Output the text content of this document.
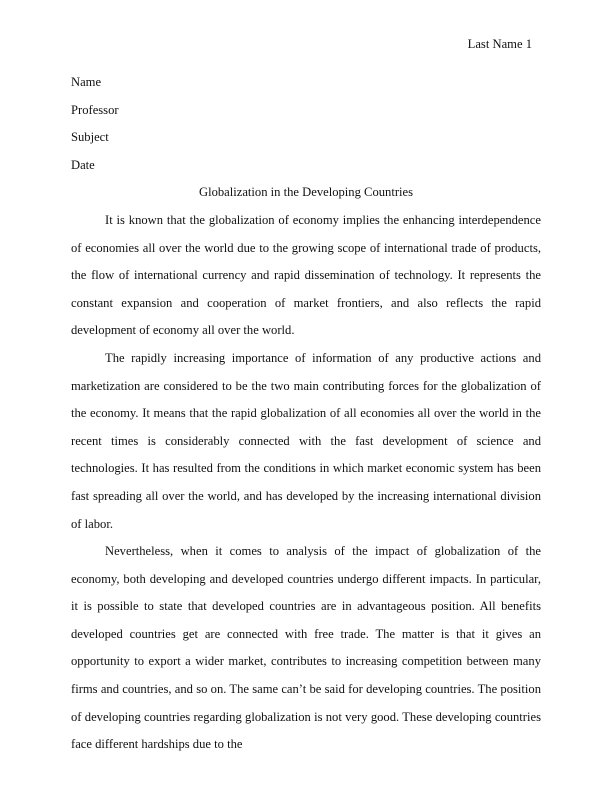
Last Name 1
Name
Professor
Subject
Date
Globalization in the Developing Countries

It is known that the globalization of economy implies the enhancing interdependence of economies all over the world due to the growing scope of international trade of products, the flow of international currency and rapid dissemination of technology. It represents the constant expansion and cooperation of market frontiers, and also reflects the rapid development of economy all over the world.

The rapidly increasing importance of information of any productive actions and marketization are considered to be the two main contributing forces for the globalization of the economy. It means that the rapid globalization of all economies all over the world in the recent times is considerably connected with the fast development of science and technologies. It has resulted from the conditions in which market economic system has been fast spreading all over the world, and has developed by the increasing international division of labor.

Nevertheless, when it comes to analysis of the impact of globalization of the economy, both developing and developed countries undergo different impacts. In particular, it is possible to state that developed countries are in advantageous position. All benefits developed countries get are connected with free trade. The matter is that it gives an opportunity to export a wider market, contributes to increasing competition between many firms and countries, and so on. The same can’t be said for developing countries. The position of developing countries regarding globalization is not very good. These developing countries face different hardships due to the
